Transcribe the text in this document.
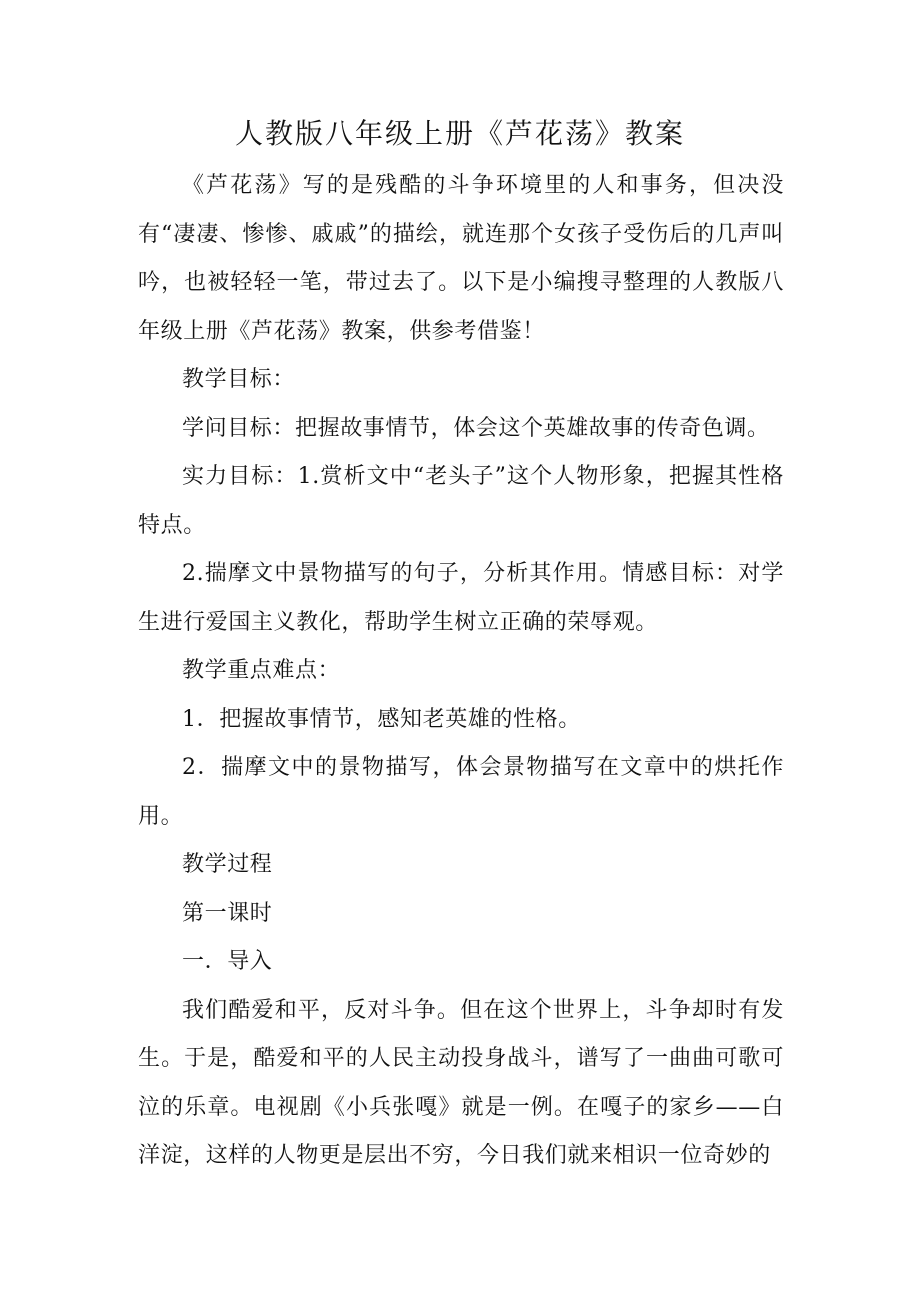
人教版八年级上册《芦花荡》教案

《芦花荡》写的是残酷的斗争环境里的人和事务，但决没有“凄凄、惨惨、戚戚”的描绘，就连那个女孩子受伤后的几声叫吟，也被轻轻一笔，带过去了。以下是小编搜寻整理的人教版八年级上册《芦花荡》教案，供参考借鉴！

教学目标：

学问目标：把握故事情节，体会这个英雄故事的传奇色调。

实力目标：1.赏析文中“老头子”这个人物形象，把握其性格特点。

2.揣摩文中景物描写的句子，分析其作用。情感目标：对学生进行爱国主义教化，帮助学生树立正确的荣辱观。

教学重点难点：

1．把握故事情节，感知老英雄的性格。

2．揣摩文中的景物描写，体会景物描写在文章中的烘托作用。

教学过程

第一课时

一．导入

我们酷爱和平，反对斗争。但在这个世界上，斗争却时有发生。于是，酷爱和平的人民主动投身战斗，谱写了一曲曲可歌可泣的乐章。电视剧《小兵张嘎》就是一例。在嘎子的家乡——白洋淀，这样的人物更是层出不穷，今日我们就来相识一位奇妙的
